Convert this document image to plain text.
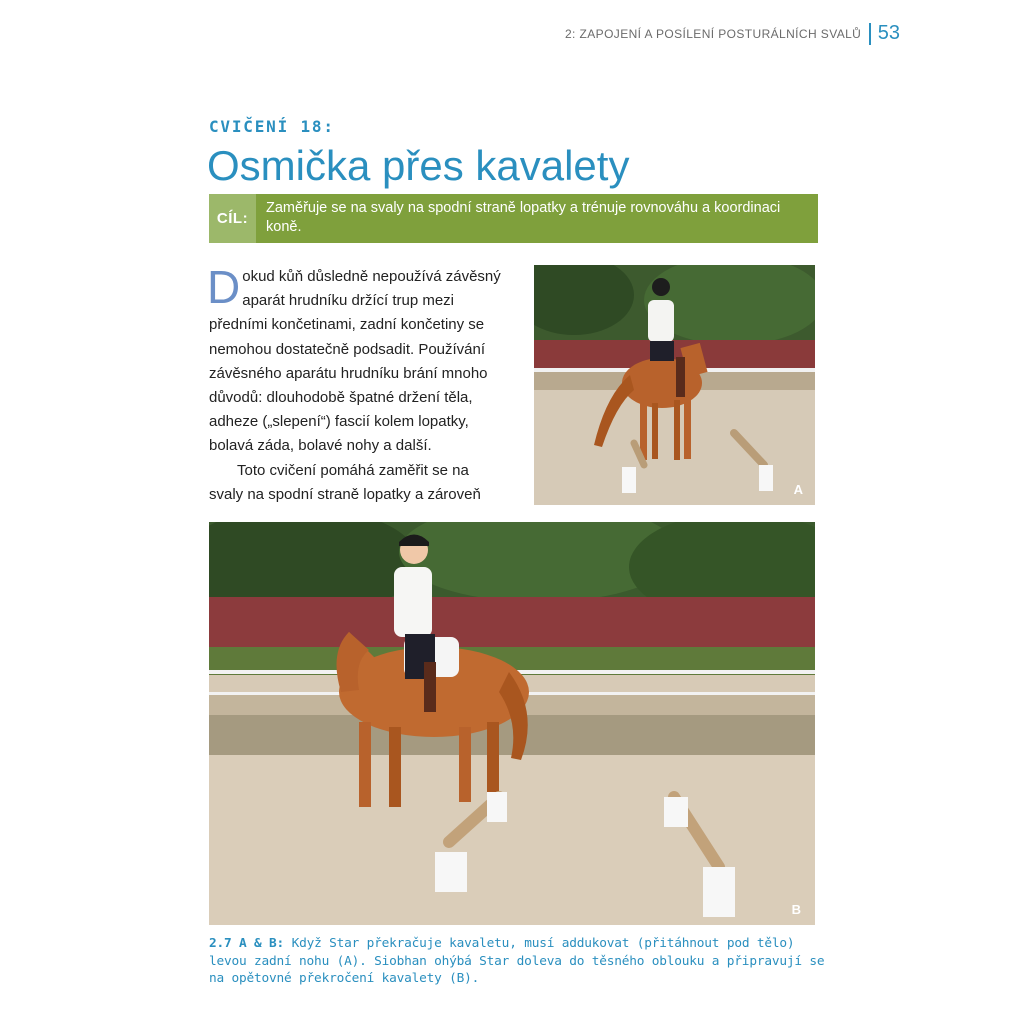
2: ZAPOJENÍ A POSÍLENÍ POSTURÁLNÍCH SVALŮ 53
CVIČENÍ 18:
Osmička přes kavalety
CÍL:
Zaměřuje se na svaly na spodní straně lopatky a trénuje rovnováhu a koordinaci koně.

Dokud kůň důsledně nepoužívá závěsný aparát hrudníku držící trup mezi předními končetinami, zadní končetiny se nemohou dostatečně podsadit. Používání závěsného aparátu hrudníku brání mnoho důvodů: dlouhodobě špatné držení těla, adheze („slepení“) fascií kolem lopatky, bolavá záda, bolavé nohy a další.

Toto cvičení pomáhá zaměřit se na svaly na spodní straně lopatky a zároveň	A
B
2.7 A & B: Když Star překračuje kavaletu, musí addukovat (přitáhnout pod tělo) levou zadní nohu (A). Siobhan ohýbá Star doleva do těsného oblouku a připravují se na opětovné překročení kavalety (B).
